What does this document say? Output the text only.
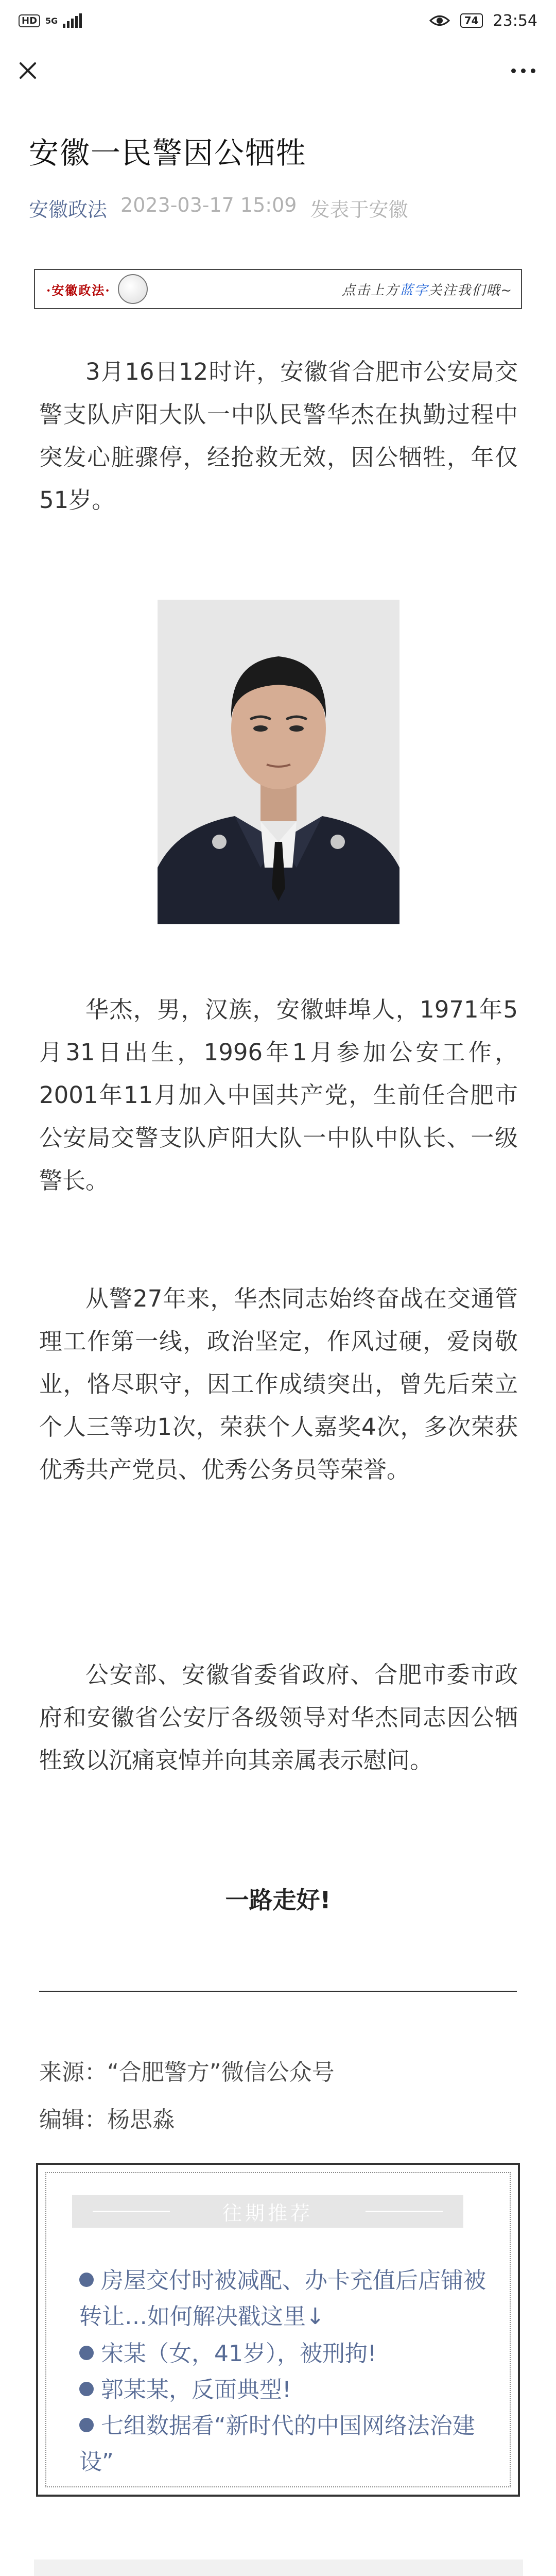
HD	5G	74 23:54
安徽一民警因公牺牲
安徽政法 2023-03-17 15:09 发表于安徽
·安徽政法·	点击上方蓝字关注我们哦~

3月16日12时许，安徽省合肥市公安局交警支队庐阳大队一中队民警华杰在执勤过程中突发心脏骤停，经抢救无效，因公牺牲，年仅51岁。

华杰，男，汉族，安徽蚌埠人，1971年5月31日出生，1996年1月参加公安工作，2001年11月加入中国共产党，生前任合肥市公安局交警支队庐阳大队一中队中队长、一级警长。

从警27年来，华杰同志始终奋战在交通管理工作第一线，政治坚定，作风过硬，爱岗敬业，恪尽职守，因工作成绩突出，曾先后荣立个人三等功1次，荣获个人嘉奖4次，多次荣获优秀共产党员、优秀公务员等荣誉。

公安部、安徽省委省政府、合肥市委市政府和安徽省公安厅各级领导对华杰同志因公牺牲致以沉痛哀悼并向其亲属表示慰问。

一路走好!
来源：“合肥警方”微信公众号
编辑：杨思淼
往期推荐
房屋交付时被减配、办卡充值后店铺被转让…如何解决戳这里↓
宋某（女，41岁），被刑拘!
郭某某，反面典型!
七组数据看“新时代的中国网络法治建设”
